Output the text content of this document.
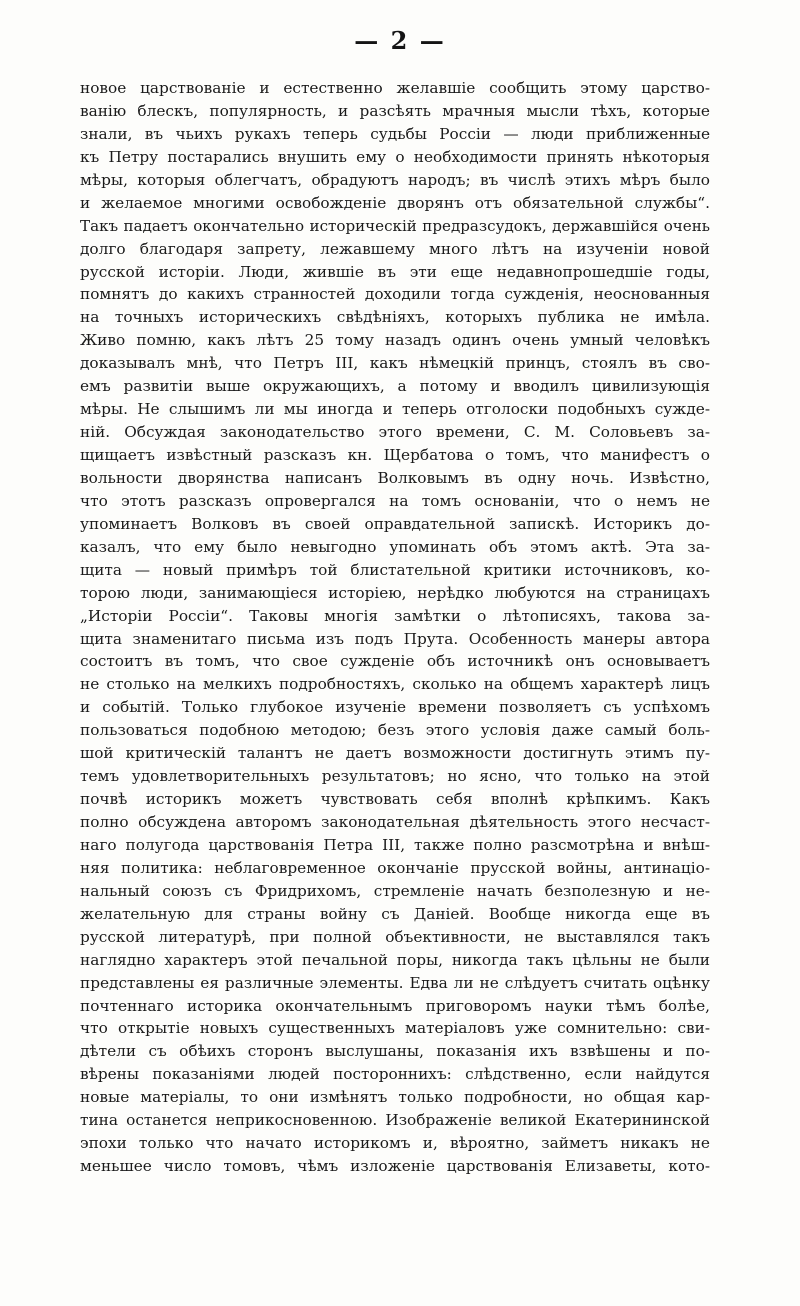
— 2 —
новое царствованіе и естественно желавшіе сообщить этому царство-
ванію блескъ, популярность, и разсѣять мрачныя мысли тѣхъ, которые
знали, въ чьихъ рукахъ теперь судьбы Россіи — люди приближенные
къ Петру постарались внушить ему о необходимости принять нѣкоторыя
мѣры, которыя облегчатъ, обрадуютъ народъ; въ числѣ этихъ мѣръ было
и желаемое многими освобожденіе дворянъ отъ обязательной службы“.
Такъ падаетъ окончательно историческій предразсудокъ, державшійся очень
долго благодаря запрету, лежавшему много лѣтъ на изученіи новой
русской исторіи. Люди, жившіе въ эти еще недавнопрошедшіе годы,
помнятъ до какихъ странностей доходили тогда сужденія, неоснованныя
на точныхъ историческихъ свѣдѣніяхъ, которыхъ публика не имѣла.
Живо помню, какъ лѣтъ 25 тому назадъ одинъ очень умный человѣкъ
доказывалъ мнѣ, что Петръ III, какъ нѣмецкій принцъ, стоялъ въ сво-
емъ развитіи выше окружающихъ, а потому и вводилъ цивилизующія
мѣры. Не слышимъ ли мы иногда и теперь отголоски подобныхъ сужде-
ній. Обсуждая законодательство этого времени, С. М. Соловьевъ за-
щищаетъ извѣстный разсказъ кн. Щербатова о томъ, что манифестъ о
вольности дворянства написанъ Волковымъ въ одну ночь. Извѣстно,
что этотъ разсказъ опровергался на томъ основаніи, что о немъ не
упоминаетъ Волковъ въ своей оправдательной запискѣ. Историкъ до-
казалъ, что ему было невыгодно упоминать объ этомъ актѣ. Эта за-
щита — новый примѣръ той блистательной критики источниковъ, ко-
торою люди, занимающіеся исторіею, нерѣдко любуются на страницахъ
„Исторіи Россіи“. Таковы многія замѣтки о лѣтописяхъ, такова за-
щита знаменитаго письма изъ подъ Прута. Особенность манеры автора
состоитъ въ томъ, что свое сужденіе объ источникѣ онъ основываетъ
не столько на мелкихъ подробностяхъ, сколько на общемъ характерѣ лицъ
и событій. Только глубокое изученіе времени позволяетъ съ успѣхомъ
пользоваться подобною методою; безъ этого условія даже самый боль-
шой критическій талантъ не даетъ возможности достигнуть этимъ пу-
темъ удовлетворительныхъ результатовъ; но ясно, что только на этой
почвѣ историкъ можетъ чувствовать себя вполнѣ крѣпкимъ. Какъ
полно обсуждена авторомъ законодательная дѣятельность этого несчаст-
наго полугода царствованія Петра III, также полно разсмотрѣна и внѣш-
няя политика: неблаговременное окончаніе прусской войны, антинаціо-
нальный союзъ съ Фридрихомъ, стремленіе начать безполезную и не-
желательную для страны войну съ Даніей. Вообще никогда еще въ
русской литературѣ, при полной объективности, не выставлялся такъ
наглядно характеръ этой печальной поры, никогда такъ цѣльны не были
представлены ея различные элементы. Едва ли не слѣдуетъ считать оцѣнку
почтеннаго историка окончательнымъ приговоромъ науки тѣмъ болѣе,
что открытіе новыхъ существенныхъ матеріаловъ уже сомнительно: сви-
дѣтели съ обѣихъ сторонъ выслушаны, показанія ихъ взвѣшены и по-
вѣрены показаніями людей постороннихъ: слѣдственно, если найдутся
новые матеріалы, то они измѣнятъ только подробности, но общая кар-
тина останется неприкосновенною. Изображеніе великой Екатерининской
эпохи только что начато историкомъ и, вѣроятно, займетъ никакъ не
меньшее число томовъ, чѣмъ изложеніе царствованія Елизаветы, кото-
